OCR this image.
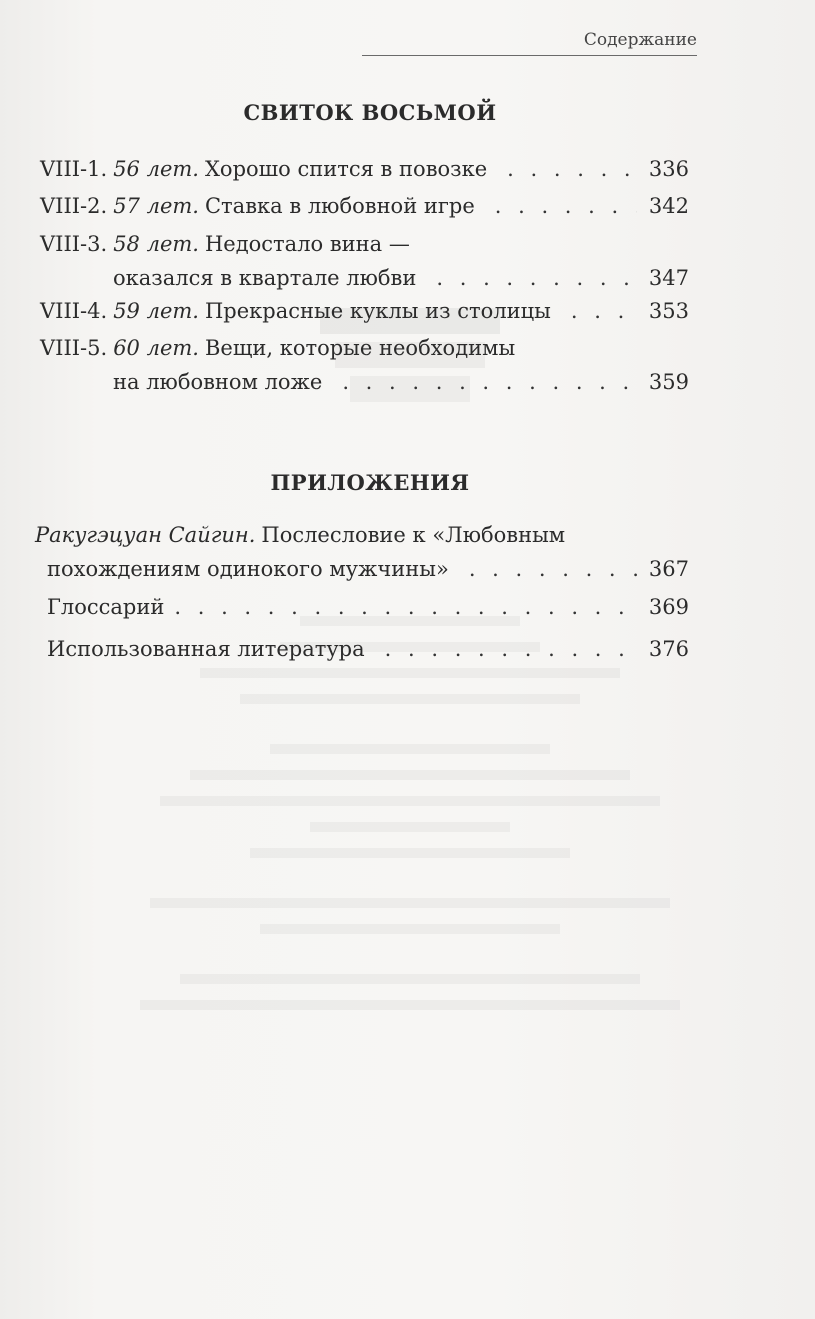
Содержание
СВИТОК ВОСЬМОЙ
VIII-1. 56 лет. Хорошо спится в повозке . . .	336
VIII-2. 57 лет. Ставка в любовной игре . . .	342
VIII-3. 58 лет. Недостало вина —
оказался в квартале любви . . .	347
VIII-4. 59 лет. Прекрасные куклы из столицы . . .	353
VIII-5. 60 лет. Вещи, которые необходимы
на любовном ложе . . .	359
ПРИЛОЖЕНИЯ
Ракугэцуан Сайгин. Послесловие к «Любовным
похождениям одинокого мужчины» . . .	367
Глоссарий . . .	369
Использованная литература . . .	376
